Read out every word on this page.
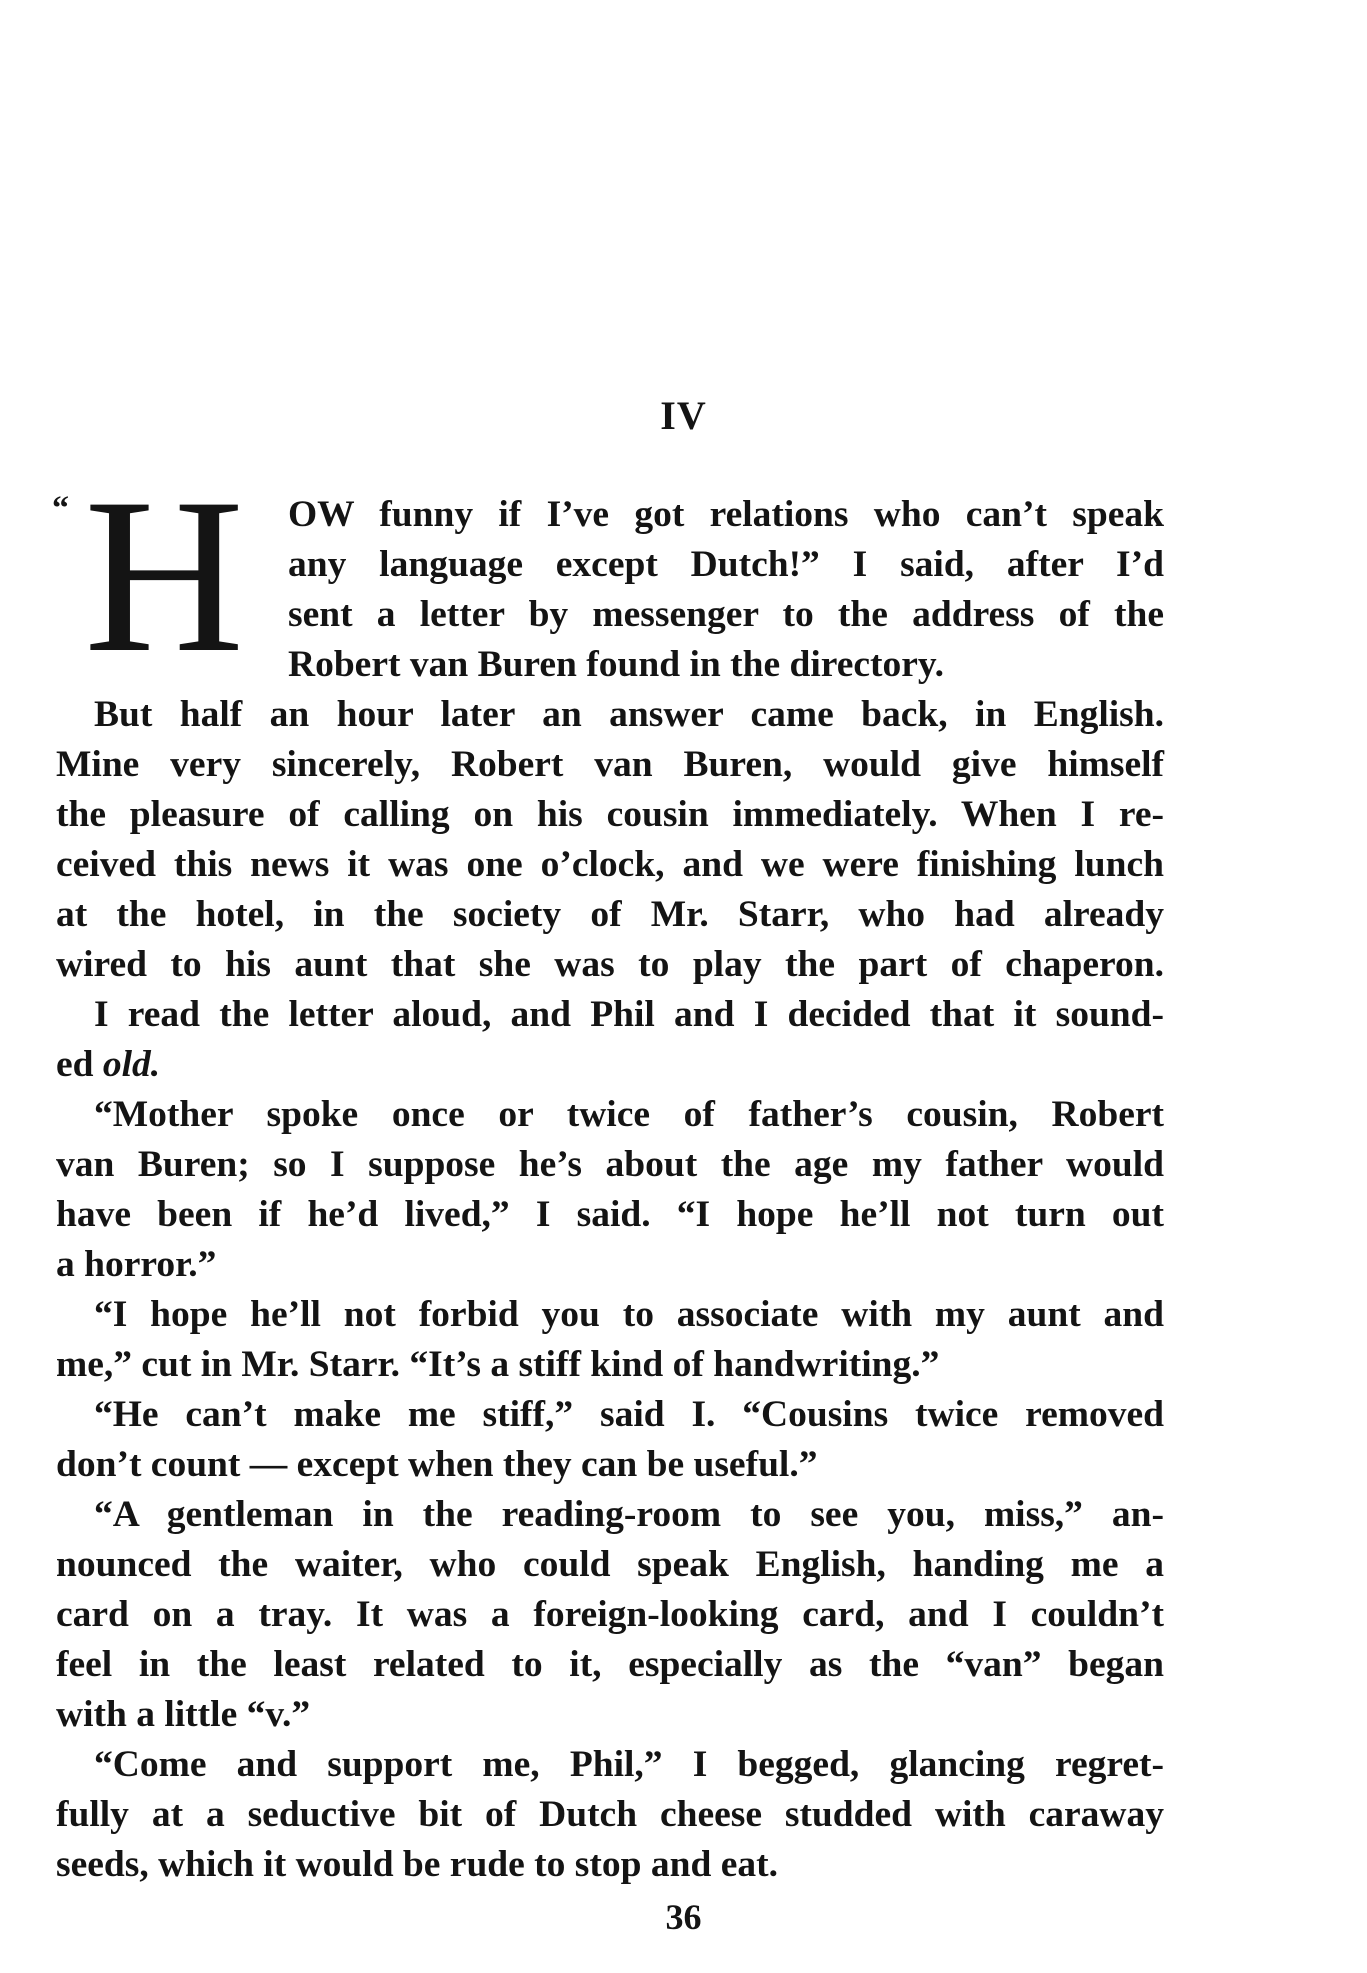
IV
“ H OW funny if I’ve got relations who can’t speak
any language except Dutch!” I said, after I’d
sent a letter by messenger to the address of the
Robert van Buren found in the directory.
But half an hour later an answer came back, in English.
Mine very sincerely, Robert van Buren, would give himself
the pleasure of calling on his cousin immediately. When I re-
ceived this news it was one o’clock, and we were finishing lunch
at the hotel, in the society of Mr. Starr, who had already
wired to his aunt that she was to play the part of chaperon.
I read the letter aloud, and Phil and I decided that it sound-
ed old.
“Mother spoke once or twice of father’s cousin, Robert
van Buren; so I suppose he’s about the age my father would
have been if he’d lived,” I said. “I hope he’ll not turn out
a horror.”
“I hope he’ll not forbid you to associate with my aunt and
me,” cut in Mr. Starr. “It’s a stiff kind of handwriting.”
“He can’t make me stiff,” said I. “Cousins twice removed
don’t count — except when they can be useful.”
“A gentleman in the reading-room to see you, miss,” an-
nounced the waiter, who could speak English, handing me a
card on a tray. It was a foreign-looking card, and I couldn’t
feel in the least related to it, especially as the “van” began
with a little “v.”
“Come and support me, Phil,” I begged, glancing regret-
fully at a seductive bit of Dutch cheese studded with caraway
seeds, which it would be rude to stop and eat.
36
